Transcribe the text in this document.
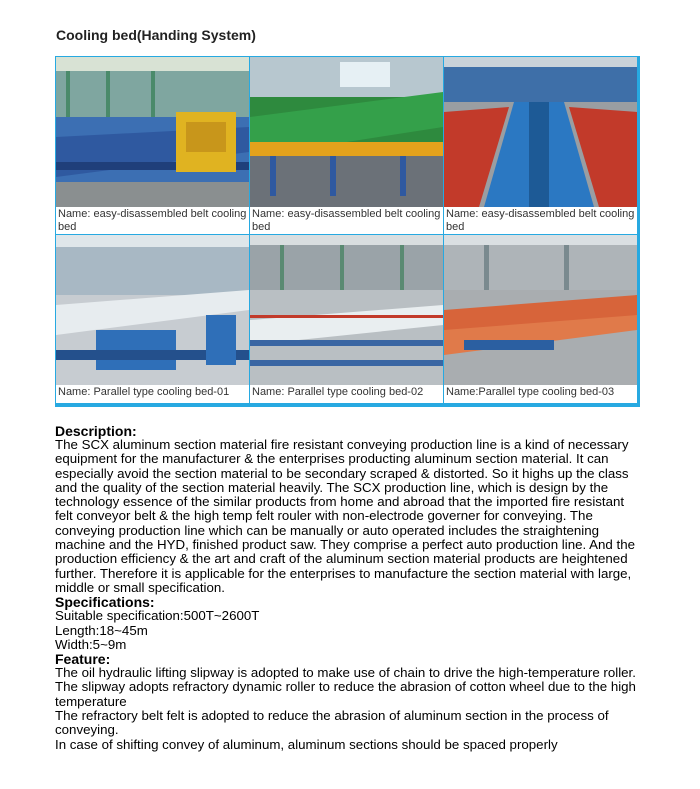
Cooling bed(Handing System)
Name: easy-disassembled belt cooling bed
Name: easy-disassembled belt cooling bed
Name: easy-disassembled belt cooling bed
Name: Parallel type cooling bed-01	Name: Parallel type cooling bed-02	Name:Parallel type cooling bed-03
Description:

The SCX aluminum section material fire resistant conveying production line is a kind of necessary equipment for the manufacturer & the enterprises producting aluminum section material. It can especially avoid the section material to be secondary scraped & distorted. So it highs up the class and the quality of the section material heavily. The SCX production line, which is design by the technology essence of the similar products from home and abroad that the imported fire resistant felt conveyor belt & the high temp felt rouler with non-electrode governer for conveying. The conveying production line which can be manually or auto operated includes the straightening machine and the HYD, finished product saw. They comprise a perfect auto production line. And the production efficiency & the art and craft of the aluminum section material products are heightened further. Therefore it is applicable for the enterprises to manufacture the section material with large, middle or small specification.

Specifications:
Suitable specification:500T~2600T
Length:18~45m
Width:5~9m
Feature:
The oil hydraulic lifting slipway is adopted to make use of chain to drive the high-temperature roller.
The slipway adopts refractory dynamic roller to reduce the abrasion of cotton wheel due to the high temperature
The refractory belt felt is adopted to reduce the abrasion of aluminum section in the process of conveying.
In case of shifting convey of aluminum, aluminum sections should be spaced properly
